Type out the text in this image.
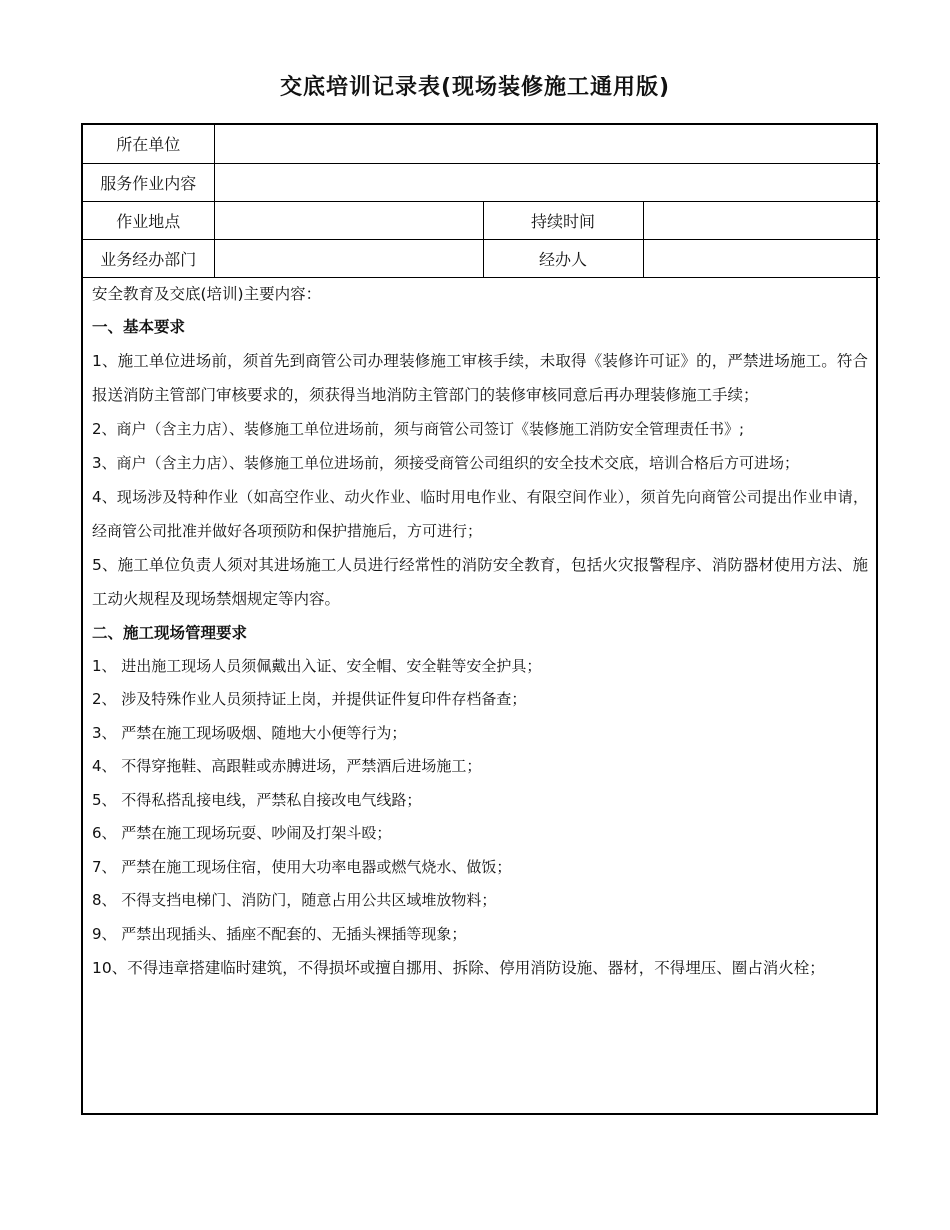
交底培训记录表(现场装修施工通用版)
所在单位			
服务作业内容			
作业地点		持续时间	
业务经办部门		经办人	

安全教育及交底(培训)主要内容：

一、基本要求

1、施工单位进场前，须首先到商管公司办理装修施工审核手续，未取得《装修许可证》的，严禁进场施工。符合报送消防主管部门审核要求的，须获得当地消防主管部门的装修审核同意后再办理装修施工手续；

2、商户（含主力店）、装修施工单位进场前，须与商管公司签订《装修施工消防安全管理责任书》;

3、商户（含主力店）、装修施工单位进场前，须接受商管公司组织的安全技术交底，培训合格后方可进场；

4、现场涉及特种作业（如高空作业、动火作业、临时用电作业、有限空间作业），须首先向商管公司提出作业申请，经商管公司批准并做好各项预防和保护措施后，方可进行；

5、施工单位负责人须对其进场施工人员进行经常性的消防安全教育，包括火灾报警程序、消防器材使用方法、施工动火规程及现场禁烟规定等内容。

二、施工现场管理要求

1、 进出施工现场人员须佩戴出入证、安全帽、安全鞋等安全护具；

2、 涉及特殊作业人员须持证上岗，并提供证件复印件存档备查；

3、 严禁在施工现场吸烟、随地大小便等行为；

4、 不得穿拖鞋、高跟鞋或赤膊进场，严禁酒后进场施工；

5、 不得私搭乱接电线，严禁私自接改电气线路；

6、 严禁在施工现场玩耍、吵闹及打架斗殴；

7、 严禁在施工现场住宿，使用大功率电器或燃气烧水、做饭；

8、 不得支挡电梯门、消防门，随意占用公共区域堆放物料；

9、 严禁出现插头、插座不配套的、无插头裸插等现象；

10、不得违章搭建临时建筑，不得损坏或擅自挪用、拆除、停用消防设施、器材，不得埋压、圈占消火栓；
